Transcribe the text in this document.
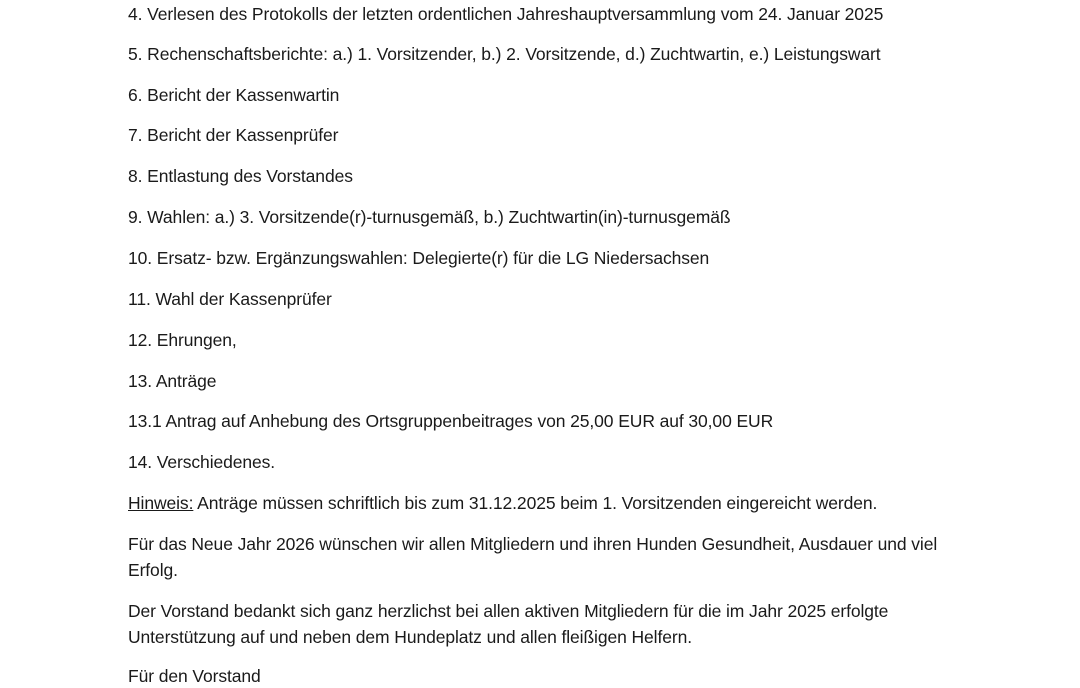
4. Verlesen des Protokolls der letzten ordentlichen Jahreshauptversammlung vom 24. Januar 2025
5. Rechenschaftsberichte: a.) 1. Vorsitzender, b.) 2. Vorsitzende, d.) Zuchtwartin, e.) Leistungswart
6. Bericht der Kassenwartin
7. Bericht der Kassenprüfer
8. Entlastung des Vorstandes
9. Wahlen: a.) 3. Vorsitzende(r)-turnusgemäß, b.) Zuchtwartin(in)-turnusgemäß
10. Ersatz- bzw. Ergänzungswahlen: Delegierte(r) für die LG Niedersachsen
11. Wahl der Kassenprüfer
12. Ehrungen,
13. Anträge
13.1 Antrag auf Anhebung des Ortsgruppenbeitrages von 25,00 EUR auf 30,00 EUR
14. Verschiedenes.
Hinweis: Anträge müssen schriftlich bis zum 31.12.2025 beim 1. Vorsitzenden eingereicht werden.
Für das Neue Jahr 2026 wünschen wir allen Mitgliedern und ihren Hunden Gesundheit, Ausdauer und viel Erfolg.
Der Vorstand bedankt sich ganz herzlichst bei allen aktiven Mitgliedern für die im Jahr 2025 erfolgte Unterstützung auf und neben dem Hundeplatz und allen fleißigen Helfern.
Für den Vorstand
